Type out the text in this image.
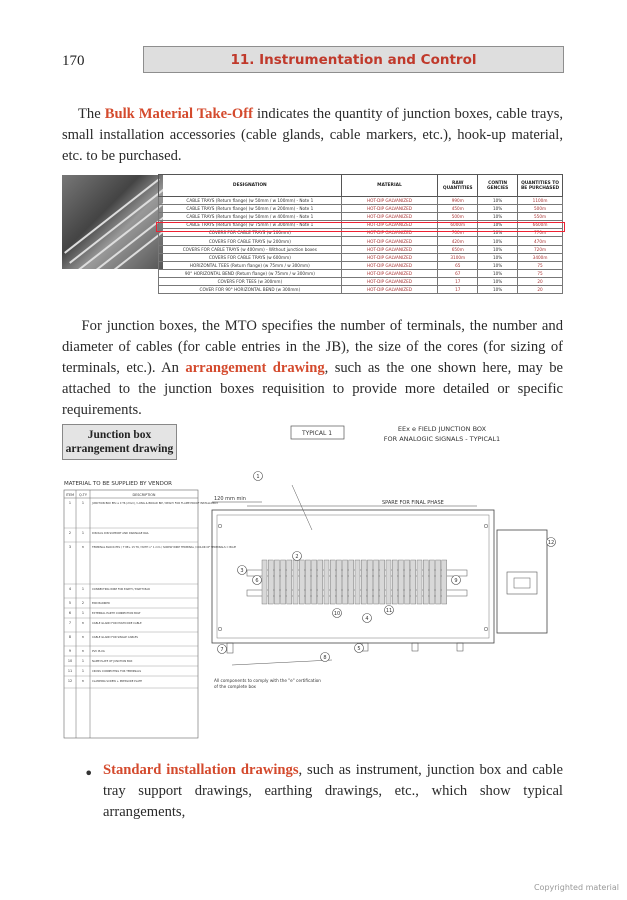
170	11. Instrumentation and Control

The Bulk Material Take-Off indicates the quantity of junction boxes, cable trays, small installation accessories (cable glands, cable markers, etc.), hook-up material, etc. to be purchased.

DESIGNATION	MATERIAL	RAW QUANTITIES	CONTIN GENCIES	QUANTITIES TO BE PURCHASED
CABLE TRAYS (Return flange) (w 50mm / w 100mm) - Note 1	HOT-DIP GALVANIZED	990m	10%	1100m
CABLE TRAYS (Return flange) (w 50mm / w 200mm) - Note 1	HOT-DIP GALVANIZED	450m	10%	500m
CABLE TRAYS (Return flange) (w 50mm / w 400mm) - Note 1	HOT-DIP GALVANIZED	500m	10%	550m
CABLE TRAYS (Return flange) (w 75mm / w 300mm) - Note 1	HOT-DIP GALVANIZED	6000m	10%	6600m
COVERS FOR CABLE TRAYS (w 100mm)	HOT-DIP GALVANIZED	700m	10%	770m
COVERS FOR CABLE TRAYS (w 200mm)	HOT-DIP GALVANIZED	420m	10%	470m
COVERS FOR CABLE TRAYS (w 400mm) - Without junction boxes	HOT-DIP GALVANIZED	650m	10%	720m
COVERS FOR CABLE TRAYS (w 600mm)	HOT-DIP GALVANIZED	3100m	10%	3400m
HORIZONTAL TEES (Return flange) (w 75mm / w 300mm)	HOT-DIP GALVANIZED	65	10%	75
90° HORIZONTAL BEND (Return flange) (w 75mm / w 300mm)	HOT-DIP GALVANIZED	67	10%	75
COVERS FOR TEES (w 300mm)	HOT-DIP GALVANIZED	17	10%	20
COVER FOR 90° HORIZONTAL BEND (w 300mm)	HOT-DIP GALVANIZED	17	10%	20

For junction boxes, the MTO specifies the number of terminals, the number and diameter of cables (for cable entries in the JB), the size of the cores (for sizing of terminals, etc.). An arrangement drawing, such as the one shown here, may be attached to the junction boxes requisition to provide more detailed or specific requirements.

TYPICAL 1
EEx e FIELD JUNCTION BOX
FOR ANALOGIC SIGNALS - TYPICAL1
MATERIAL TO BE SUPPLIED BY VENDOR
ITEM Q.TY	DESCRIPTION
1	1	JUNCTION BOX EEx e II T6 (2mm) / LONG & BROAD BIP / READY FOR FLAME PROOF INSTALLMENT
2	1	DIN RAIL DIN SUPPORT AND DRAINAGE RAIL
3	n	TERMINAL BLOCK EEx / T 8E+ 15 T6 / WITH n° 1 mm / SCREW WIRE TERMINAL / COLOR OF TERMINALS = BLUE
4	1	CONNECTING WIRE FOR EARTH / EARTH BAR
5	2	END BARRIER
6	1	EXTERNAL EARTH CONNECTION BOLT
7	n	CABLE GLAND FOR MULTICORE CABLE
8	n	CABLE GLAND FOR SINGLE CABLES
9	n	PVC PLUG
10	1	NAME PLATE OF JUNCTION BOX
11	1	CROSS CONNECTING FOR TERMINALS
12	n	CLAMPING SCREW + PRESSURE PLATE
120 mm min
SPARE FOR FINAL PHASE
1
2
3
4
5
6
7
8
9
10	11
12
All components to comply with the "e" certification
of the complete box
Junction box
arrangement drawing
• Standard installation drawings, such as instrument, junction box and cable tray support drawings, earthing drawings, etc., which show typical arrangements,

Copyrighted material
